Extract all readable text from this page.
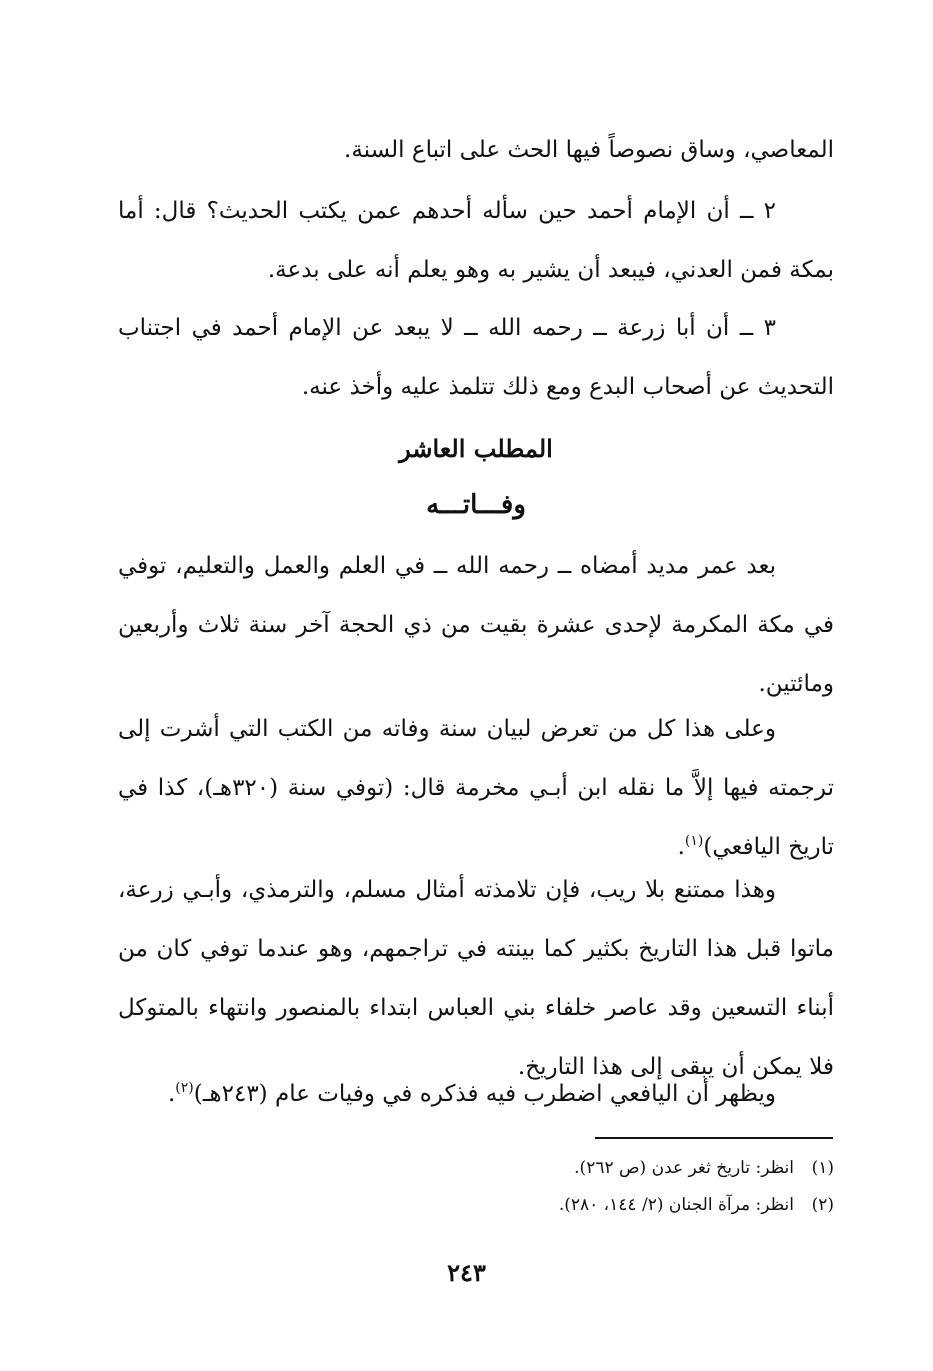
المعاصي، وساق نصوصاً فيها الحث على اتباع السنة.

٢ ــ أن الإمام أحمد حين سأله أحدهم عمن يكتب الحديث؟ قال: أما بمكة فمن العدني، فيبعد أن يشير به وهو يعلم أنه على بدعة.

٣ ــ أن أبا زرعة ــ رحمه الله ــ لا يبعد عن الإمام أحمد في اجتناب التحديث عن أصحاب البدع ومع ذلك تتلمذ عليه وأخذ عنه.

المطلب العاشر
وفـــاتـــه

بعد عمر مديد أمضاه ــ رحمه الله ــ في العلم والعمل والتعليم، توفي في مكة المكرمة لإحدى عشرة بقيت من ذي الحجة آخر سنة ثلاث وأربعين ومائتين.

وعلى هذا كل من تعرض لبيان سنة وفاته من الكتب التي أشرت إلى ترجمته فيها إلاَّ ما نقله ابن أبـي مخرمة قال: (توفي سنة (٣٢٠هـ)، كذا في تاريخ اليافعي)$^{(١)}$.

وهذا ممتنع بلا ريب، فإن تلامذته أمثال مسلم، والترمذي، وأبـي زرعة، ماتوا قبل هذا التاريخ بكثير كما بينته في تراجمهم، وهو عندما توفي كان من أبناء التسعين وقد عاصر خلفاء بني العباس ابتداء بالمنصور وانتهاء بالمتوكل فلا يمكن أن يبقى إلى هذا التاريخ.

ويظهر أن اليافعي اضطرب فيه فذكره في وفيات عام (٢٤٣هـ)$^{(٢)}$.

(١)انظر: تاريخ ثغر عدن (ص ٢٦٢).

(٢)انظر: مرآة الجنان (٢/ ١٤٤، ٢٨٠).

٢٤٣
